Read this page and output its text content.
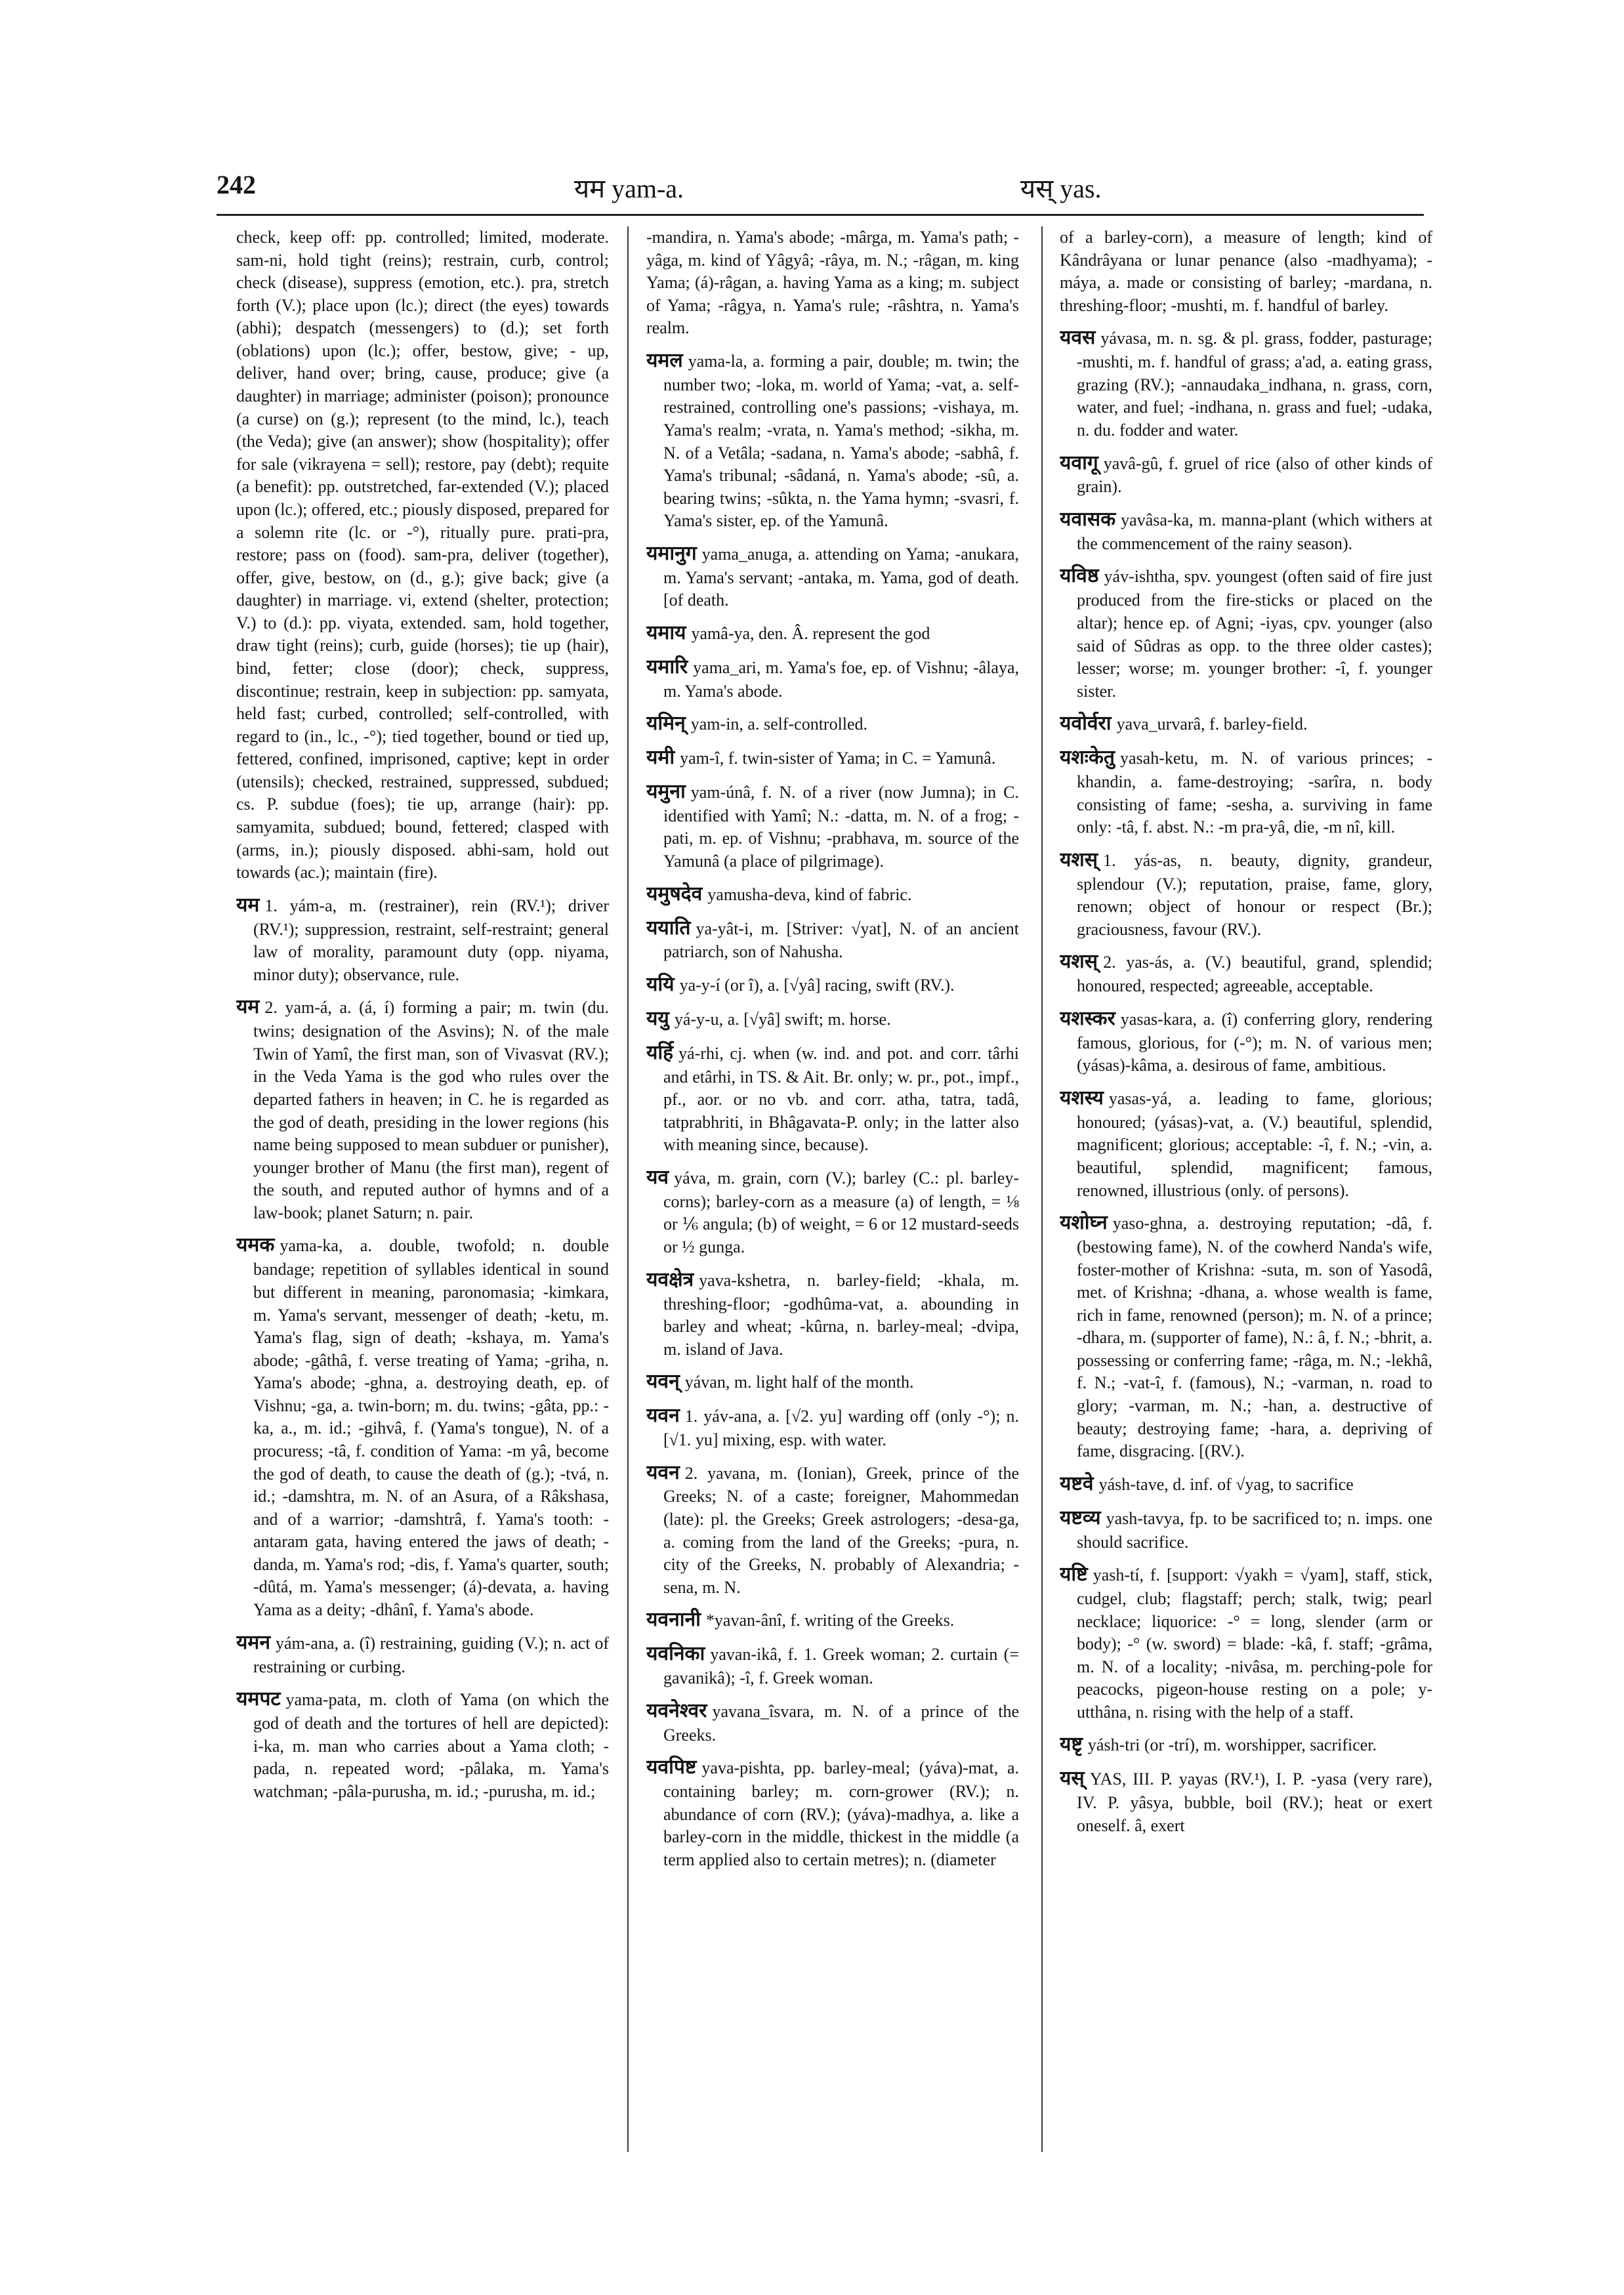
242	यम yam-a.	यस् yas.

check, keep off: pp. controlled; limited, moderate. sam-ni, hold tight (reins); restrain, curb, control; check (disease), suppress (emotion, etc.). pra, stretch forth (V.); place upon (lc.); direct (the eyes) towards (abhi); despatch (messengers) to (d.); set forth (oblations) upon (lc.); offer, bestow, give; - up, deliver, hand over; bring, cause, produce; give (a daughter) in marriage; administer (poison); pronounce (a curse) on (g.); represent (to the mind, lc.), teach (the Veda); give (an answer); show (hospitality); offer for sale (vikrayena = sell); restore, pay (debt); requite (a benefit): pp. outstretched, far-extended (V.); placed upon (lc.); offered, etc.; piously disposed, prepared for a solemn rite (lc. or -°), ritually pure. prati-pra, restore; pass on (food). sam-pra, deliver (together), offer, give, bestow, on (d., g.); give back; give (a daughter) in marriage. vi, extend (shelter, protection; V.) to (d.): pp. viyata, extended. sam, hold together, draw tight (reins); curb, guide (horses); tie up (hair), bind, fetter; close (door); check, suppress, discontinue; restrain, keep in subjection: pp. samyata, held fast; curbed, controlled; self-controlled, with regard to (in., lc., -°); tied together, bound or tied up, fettered, confined, imprisoned, captive; kept in order (utensils); checked, restrained, suppressed, subdued; cs. P. subdue (foes); tie up, arrange (hair): pp. samyamita, subdued; bound, fettered; clasped with (arms, in.); piously disposed. abhi-sam, hold out towards (ac.); maintain (fire).

यम 1. yám-a, m. (restrainer), rein (RV.¹); driver (RV.¹); suppression, restraint, self-restraint; general law of morality, paramount duty (opp. niyama, minor duty); observance, rule.

यम 2. yam-á, a. (á, í) forming a pair; m. twin (du. twins; designation of the Asvins); N. of the male Twin of Yamî, the first man, son of Vivasvat (RV.); in the Veda Yama is the god who rules over the departed fathers in heaven; in C. he is regarded as the god of death, presiding in the lower regions (his name being supposed to mean subduer or punisher), younger brother of Manu (the first man), regent of the south, and reputed author of hymns and of a law-book; planet Saturn; n. pair.

यमक yama-ka, a. double, twofold; n. double bandage; repetition of syllables identical in sound but different in meaning, paronomasia; -kimkara, m. Yama's servant, messenger of death; -ketu, m. Yama's flag, sign of death; -kshaya, m. Yama's abode; -gâthâ, f. verse treating of Yama; -griha, n. Yama's abode; -ghna, a. destroying death, ep. of Vishnu; -ga, a. twin-born; m. du. twins; -gâta, pp.: -ka, a., m. id.; -gihvâ, f. (Yama's tongue), N. of a procuress; -tâ, f. condition of Yama: -m yâ, become the god of death, to cause the death of (g.); -tvá, n. id.; -damshtra, m. N. of an Asura, of a Râkshasa, and of a warrior; -damshtrâ, f. Yama's tooth: -antaram gata, having entered the jaws of death; -danda, m. Yama's rod; -dis, f. Yama's quarter, south; -dûtá, m. Yama's messenger; (á)-devata, a. having Yama as a deity; -dhânî, f. Yama's abode.

यमन yám-ana, a. (î) restraining, guiding (V.); n. act of restraining or curbing.

यमपट yama-pata, m. cloth of Yama (on which the god of death and the tortures of hell are depicted): i-ka, m. man who carries about a Yama cloth; -pada, n. repeated word; -pâlaka, m. Yama's watchman; -pâla-purusha, m. id.; -purusha, m. id.;

-mandira, n. Yama's abode; -mârga, m. Yama's path; -yâga, m. kind of Yâgyâ; -râya, m. N.; -râgan, m. king Yama; (á)-râgan, a. having Yama as a king; m. subject of Yama; -râgya, n. Yama's rule; -râshtra, n. Yama's realm.

यमल yama-la, a. forming a pair, double; m. twin; the number two; -loka, m. world of Yama; -vat, a. self-restrained, controlling one's passions; -vishaya, m. Yama's realm; -vrata, n. Yama's method; -sikha, m. N. of a Vetâla; -sadana, n. Yama's abode; -sabhâ, f. Yama's tribunal; -sâdaná, n. Yama's abode; -sû, a. bearing twins; -sûkta, n. the Yama hymn; -svasri, f. Yama's sister, ep. of the Yamunâ.

यमानुग yama_anuga, a. attending on Yama; -anukara, m. Yama's servant; -antaka, m. Yama, god of death. [of death.

यमाय yamâ-ya, den. Â. represent the god

यमारि yama_ari, m. Yama's foe, ep. of Vishnu; -âlaya, m. Yama's abode.

यमिन् yam-in, a. self-controlled.

यमी yam-î, f. twin-sister of Yama; in C. = Yamunâ.

यमुना yam-únâ, f. N. of a river (now Jumna); in C. identified with Yamî; N.: -datta, m. N. of a frog; -pati, m. ep. of Vishnu; -prabhava, m. source of the Yamunâ (a place of pilgrimage).

यमुषदेव yamusha-deva, kind of fabric.

ययाति ya-yât-i, m. [Striver: √yat], N. of an ancient patriarch, son of Nahusha.

ययि ya-y-í (or î), a. [√yâ] racing, swift (RV.).

ययु yá-y-u, a. [√yâ] swift; m. horse.

यर्हि yá-rhi, cj. when (w. ind. and pot. and corr. târhi and etârhi, in TS. & Ait. Br. only; w. pr., pot., impf., pf., aor. or no vb. and corr. atha, tatra, tadâ, tatprabhriti, in Bhâgavata-P. only; in the latter also with meaning since, because).

यव yáva, m. grain, corn (V.); barley (C.: pl. barley-corns); barley-corn as a measure (a) of length, = ⅛ or ⅙ angula; (b) of weight, = 6 or 12 mustard-seeds or ½ gunga.

यवक्षेत्र yava-kshetra, n. barley-field; -khala, m. threshing-floor; -godhûma-vat, a. abounding in barley and wheat; -kûrna, n. barley-meal; -dvipa, m. island of Java.

यवन् yávan, m. light half of the month.

यवन 1. yáv-ana, a. [√2. yu] warding off (only -°); n. [√1. yu] mixing, esp. with water.

यवन 2. yavana, m. (Ionian), Greek, prince of the Greeks; N. of a caste; foreigner, Mahommedan (late): pl. the Greeks; Greek astrologers; -desa-ga, a. coming from the land of the Greeks; -pura, n. city of the Greeks, N. probably of Alexandria; -sena, m. N.

यवनानी *yavan-ânî, f. writing of the Greeks.

यवनिका yavan-ikâ, f. 1. Greek woman; 2. curtain (= gavanikâ); -î, f. Greek woman.

यवनेश्वर yavana_îsvara, m. N. of a prince of the Greeks.

यवपिष्ट yava-pishta, pp. barley-meal; (yáva)-mat, a. containing barley; m. corn-grower (RV.); n. abundance of corn (RV.); (yáva)-madhya, a. like a barley-corn in the middle, thickest in the middle (a term applied also to certain metres); n. (diameter

of a barley-corn), a measure of length; kind of Kândrâyana or lunar penance (also -madhyama); -máya, a. made or consisting of barley; -mardana, n. threshing-floor; -mushti, m. f. handful of barley.

यवस yávasa, m. n. sg. & pl. grass, fodder, pasturage; -mushti, m. f. handful of grass; a'ad, a. eating grass, grazing (RV.); -annaudaka_indhana, n. grass, corn, water, and fuel; -indhana, n. grass and fuel; -udaka, n. du. fodder and water.

यवागू yavâ-gû, f. gruel of rice (also of other kinds of grain).

यवासक yavâsa-ka, m. manna-plant (which withers at the commencement of the rainy season).

यविष्ठ yáv-ishtha, spv. youngest (often said of fire just produced from the fire-sticks or placed on the altar); hence ep. of Agni; -iyas, cpv. younger (also said of Sûdras as opp. to the three older castes); lesser; worse; m. younger brother: -î, f. younger sister.

यवोर्वरा yava_urvarâ, f. barley-field.

यशःकेतु yasah-ketu, m. N. of various princes; -khandin, a. fame-destroying; -sarîra, n. body consisting of fame; -sesha, a. surviving in fame only: -tâ, f. abst. N.: -m pra-yâ, die, -m nî, kill.

यशस् 1. yás-as, n. beauty, dignity, grandeur, splendour (V.); reputation, praise, fame, glory, renown; object of honour or respect (Br.); graciousness, favour (RV.).

यशस् 2. yas-ás, a. (V.) beautiful, grand, splendid; honoured, respected; agreeable, acceptable.

यशस्कर yasas-kara, a. (î) conferring glory, rendering famous, glorious, for (-°); m. N. of various men; (yásas)-kâma, a. desirous of fame, ambitious.

यशस्य yasas-yá, a. leading to fame, glorious; honoured; (yásas)-vat, a. (V.) beautiful, splendid, magnificent; glorious; acceptable: -î, f. N.; -vin, a. beautiful, splendid, magnificent; famous, renowned, illustrious (only. of persons).

यशोघ्न yaso-ghna, a. destroying reputation; -dâ, f. (bestowing fame), N. of the cowherd Nanda's wife, foster-mother of Krishna: -suta, m. son of Yasodâ, met. of Krishna; -dhana, a. whose wealth is fame, rich in fame, renowned (person); m. N. of a prince; -dhara, m. (supporter of fame), N.: â, f. N.; -bhrit, a. possessing or conferring fame; -râga, m. N.; -lekhâ, f. N.; -vat-î, f. (famous), N.; -varman, n. road to glory; -varman, m. N.; -han, a. destructive of beauty; destroying fame; -hara, a. depriving of fame, disgracing. [(RV.).

यष्टवे yásh-tave, d. inf. of √yag, to sacrifice

यष्टव्य yash-tavya, fp. to be sacrificed to; n. imps. one should sacrifice.

यष्टि yash-tí, f. [support: √yakh = √yam], staff, stick, cudgel, club; flagstaff; perch; stalk, twig; pearl necklace; liquorice: -° = long, slender (arm or body); -° (w. sword) = blade: -kâ, f. staff; -grâma, m. N. of a locality; -nivâsa, m. perching-pole for peacocks, pigeon-house resting on a pole; y-utthâna, n. rising with the help of a staff.

यष्टृ yásh-tri (or -trí), m. worshipper, sacrificer.

यस् YAS, III. P. yayas (RV.¹), I. P. -yasa (very rare), IV. P. yâsya, bubble, boil (RV.); heat or exert oneself. â, exert
